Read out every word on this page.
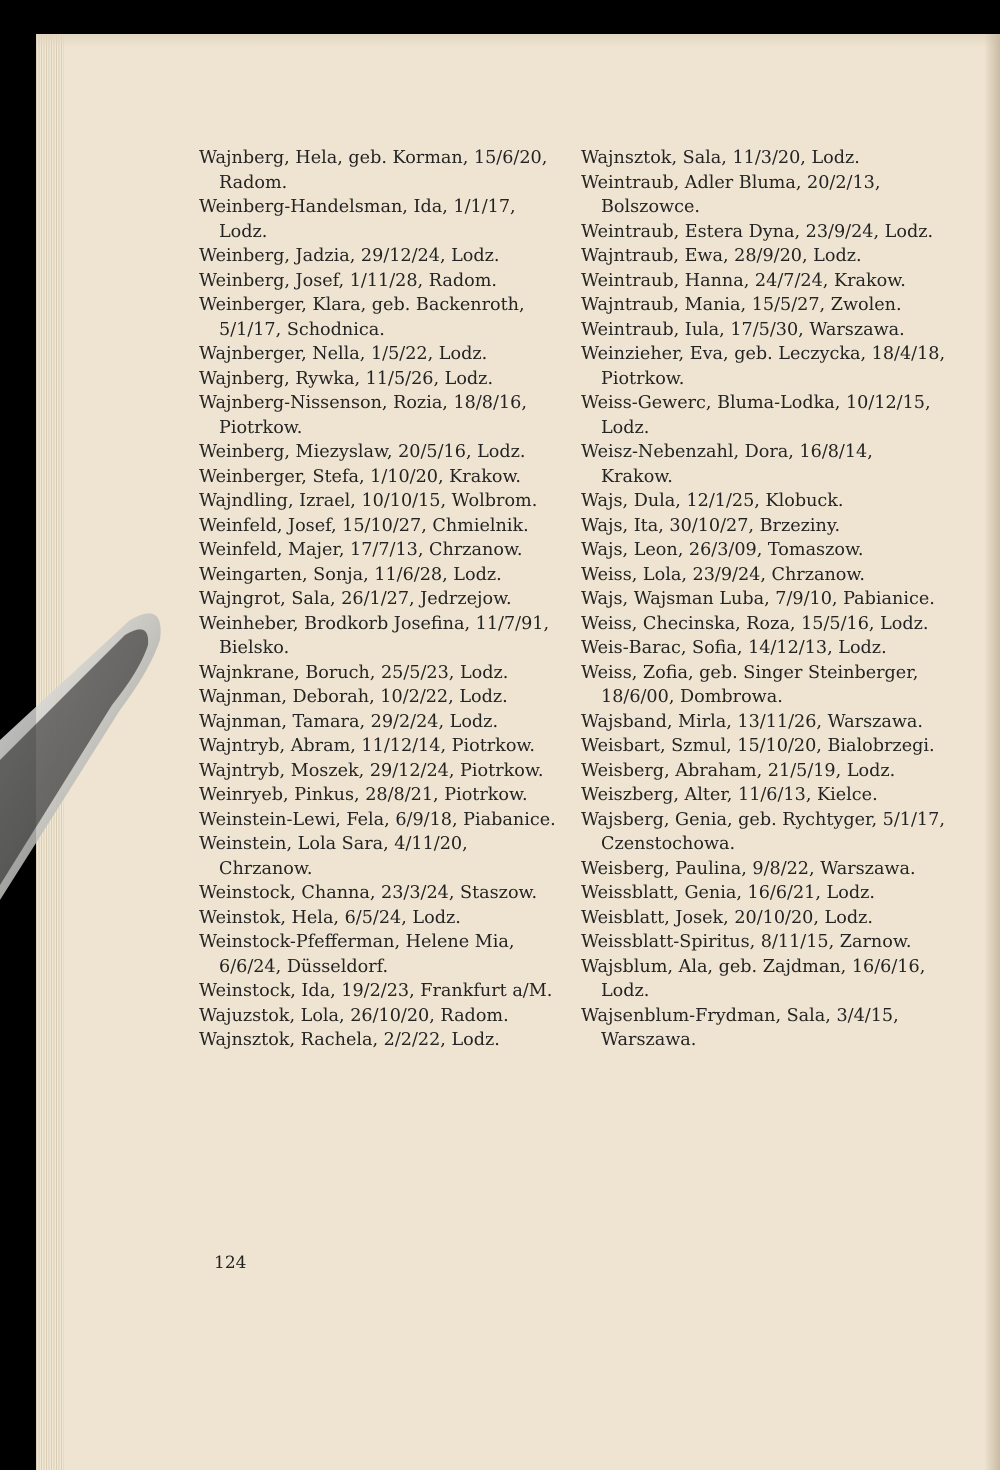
Wajnberg, Hela, geb. Korman, 15/6/20, Radom.
Weinberg-Handelsman, Ida, 1/1/17, Lodz.
Weinberg, Jadzia, 29/12/24, Lodz.
Weinberg, Josef, 1/11/28, Radom.
Weinberger, Klara, geb. Backenroth, 5/1/17, Schodnica.
Wajnberger, Nella, 1/5/22, Lodz.
Wajnberg, Rywka, 11/5/26, Lodz.
Wajnberg-Nissenson, Rozia, 18/8/16, Piotrkow.
Weinberg, Miezyslaw, 20/5/16, Lodz.
Weinberger, Stefa, 1/10/20, Krakow.
Wajndling, Izrael, 10/10/15, Wolbrom.
Weinfeld, Josef, 15/10/27, Chmielnik.
Weinfeld, Majer, 17/7/13, Chrzanow.
Weingarten, Sonja, 11/6/28, Lodz.
Wajngrot, Sala, 26/1/27, Jedrzejow.
Weinheber, Brodkorb Josefina, 11/7/91, Bielsko.
Wajnkrane, Boruch, 25/5/23, Lodz.
Wajnman, Deborah, 10/2/22, Lodz.
Wajnman, Tamara, 29/2/24, Lodz.
Wajntryb, Abram, 11/12/14, Piotrkow.
Wajntryb, Moszek, 29/12/24, Piotrkow.
Weinryeb, Pinkus, 28/8/21, Piotrkow.
Weinstein-Lewi, Fela, 6/9/18, Piabanice.
Weinstein, Lola Sara, 4/11/20, Chrzanow.
Weinstock, Channa, 23/3/24, Staszow.
Weinstok, Hela, 6/5/24, Lodz.
Weinstock-Pfefferman, Helene Mia, 6/6/24, Düsseldorf.
Weinstock, Ida, 19/2/23, Frankfurt a/M.
Wajuzstok, Lola, 26/10/20, Radom.
Wajnsztok, Rachela, 2/2/22, Lodz.
Wajnsztok, Sala, 11/3/20, Lodz.
Weintraub, Adler Bluma, 20/2/13, Bolszowce.
Weintraub, Estera Dyna, 23/9/24, Lodz.
Wajntraub, Ewa, 28/9/20, Lodz.
Weintraub, Hanna, 24/7/24, Krakow.
Wajntraub, Mania, 15/5/27, Zwolen.
Weintraub, Iula, 17/5/30, Warszawa.
Weinzieher, Eva, geb. Leczycka, 18/4/18, Piotrkow.
Weiss-Gewerc, Bluma-Lodka, 10/12/15, Lodz.
Weisz-Nebenzahl, Dora, 16/8/14, Krakow.
Wajs, Dula, 12/1/25, Klobuck.
Wajs, Ita, 30/10/27, Brzeziny.
Wajs, Leon, 26/3/09, Tomaszow.
Weiss, Lola, 23/9/24, Chrzanow.
Wajs, Wajsman Luba, 7/9/10, Pabianice.
Weiss, Checinska, Roza, 15/5/16, Lodz.
Weis-Barac, Sofia, 14/12/13, Lodz.
Weiss, Zofia, geb. Singer Steinberger, 18/6/00, Dombrowa.
Wajsband, Mirla, 13/11/26, Warszawa.
Weisbart, Szmul, 15/10/20, Bialobrzegi.
Weisberg, Abraham, 21/5/19, Lodz.
Weiszberg, Alter, 11/6/13, Kielce.
Wajsberg, Genia, geb. Rychtyger, 5/1/17, Czenstochowa.
Weisberg, Paulina, 9/8/22, Warszawa.
Weissblatt, Genia, 16/6/21, Lodz.
Weisblatt, Josek, 20/10/20, Lodz.
Weissblatt-Spiritus, 8/11/15, Zarnow.
Wajsblum, Ala, geb. Zajdman, 16/6/16, Lodz.
Wajsenblum-Frydman, Sala, 3/4/15, Warszawa.
124
